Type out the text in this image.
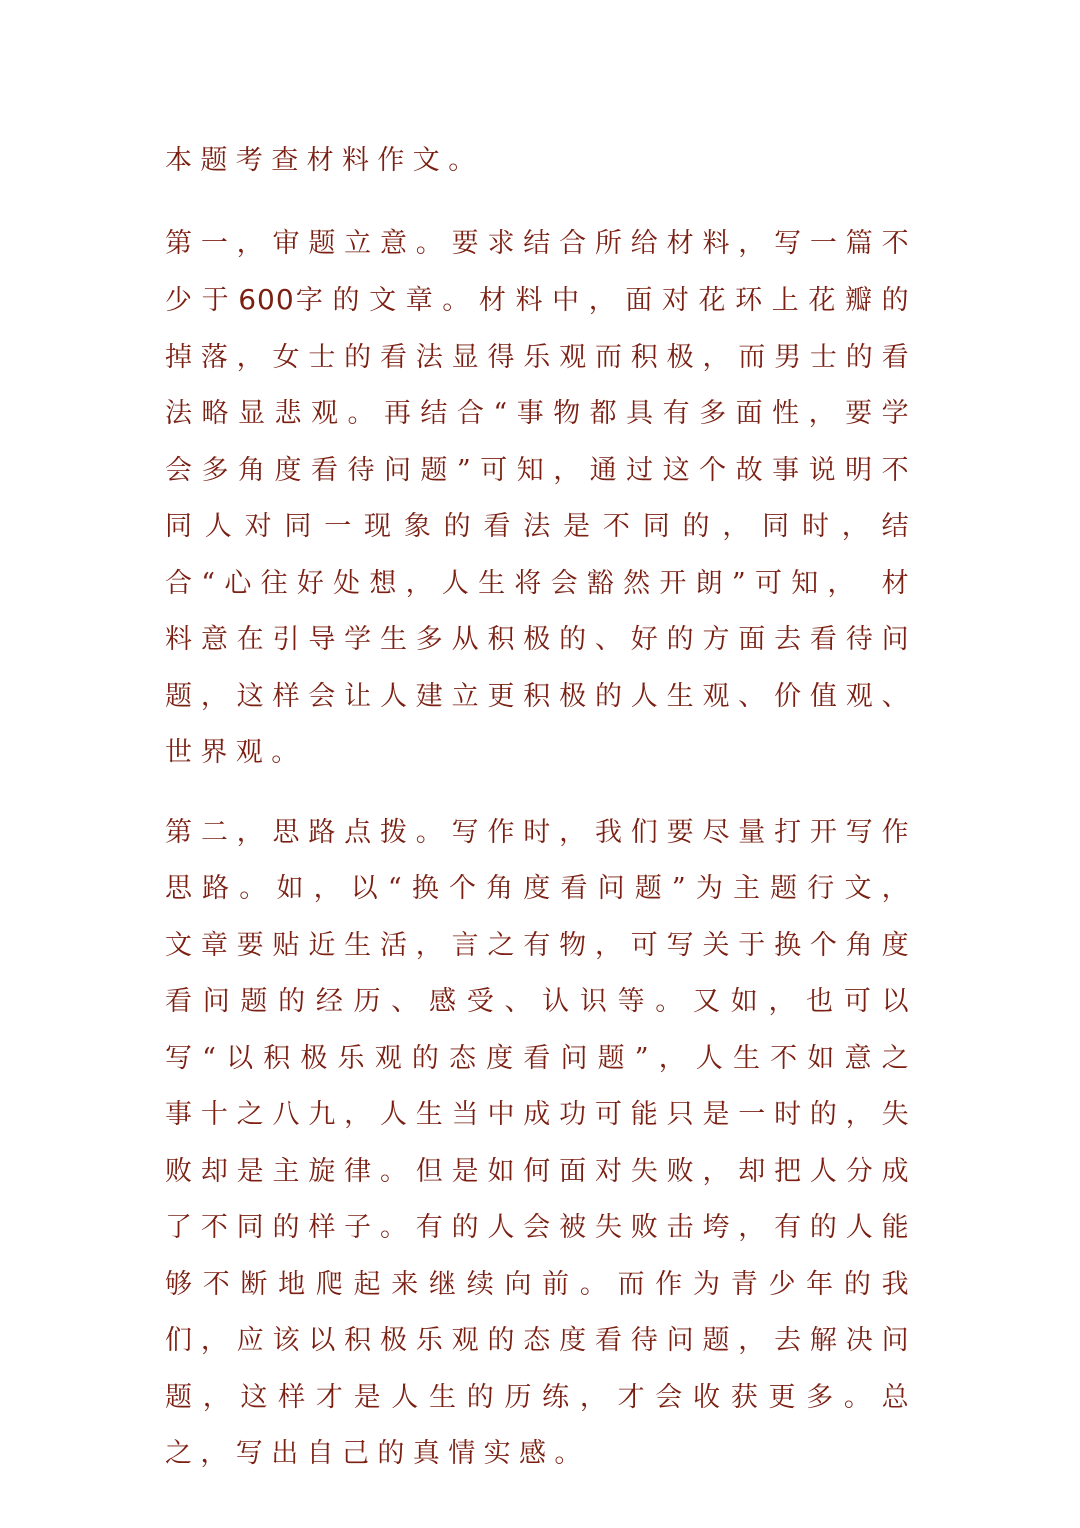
本题考查材料作文。

第一，审题立意。要求结合所给材料，写一篇不少于600字的文章。材料中，面对花环上花瓣的掉落，女士的看法显得乐观而积极，而男士的看法略显悲观。再结合“事物都具有多面性，要学会多角度看待问题”可知，通过这个故事说明不同人对同一现象的看法是不同的，同时，结合“心往好处想，人生将会豁然开朗”可知， 材料意在引导学生多从积极的、好的方面去看待问题，这样会让人建立更积极的人生观、价值观、世界观。

第二，思路点拨。写作时，我们要尽量打开写作思路。如，以“换个角度看问题”为主题行文，文章要贴近生活，言之有物，可写关于换个角度看问题的经历、感受、认识等。又如，也可以写“以积极乐观的态度看问题”，人生不如意之事十之八九，人生当中成功可能只是一时的，失败却是主旋律。但是如何面对失败，却把人分成了不同的样子。有的人会被失败击垮，有的人能够不断地爬起来继续向前。而作为青少年的我们，应该以积极乐观的态度看待问题，去解决问题，这样才是人生的历练，才会收获更多。总之，写出自己的真情实感。
